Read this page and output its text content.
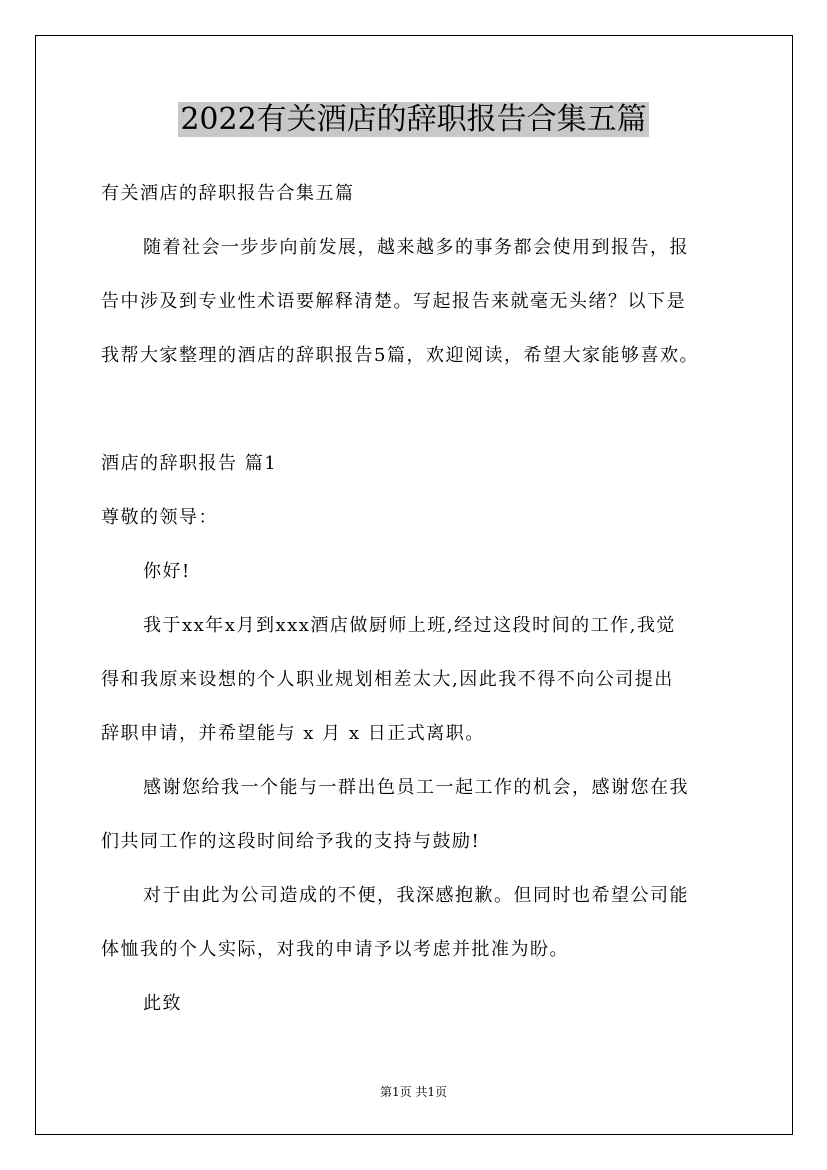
2022有关酒店的辞职报告合集五篇
有关酒店的辞职报告合集五篇
随着社会一步步向前发展，越来越多的事务都会使用到报告，报
告中涉及到专业性术语要解释清楚。写起报告来就毫无头绪？以下是
我帮大家整理的酒店的辞职报告5篇，欢迎阅读，希望大家能够喜欢。
酒店的辞职报告 篇1
尊敬的领导：
你好!
我于xx年x月到xxx酒店做厨师上班,经过这段时间的工作,我觉
得和我原来设想的个人职业规划相差太大,因此我不得不向公司提出
辞职申请，并希望能与 x 月 x 日正式离职。
感谢您给我一个能与一群出色员工一起工作的机会，感谢您在我
们共同工作的这段时间给予我的支持与鼓励!
对于由此为公司造成的不便，我深感抱歉。但同时也希望公司能
体恤我的个人实际，对我的申请予以考虑并批准为盼。
此致
第1页 共1页
